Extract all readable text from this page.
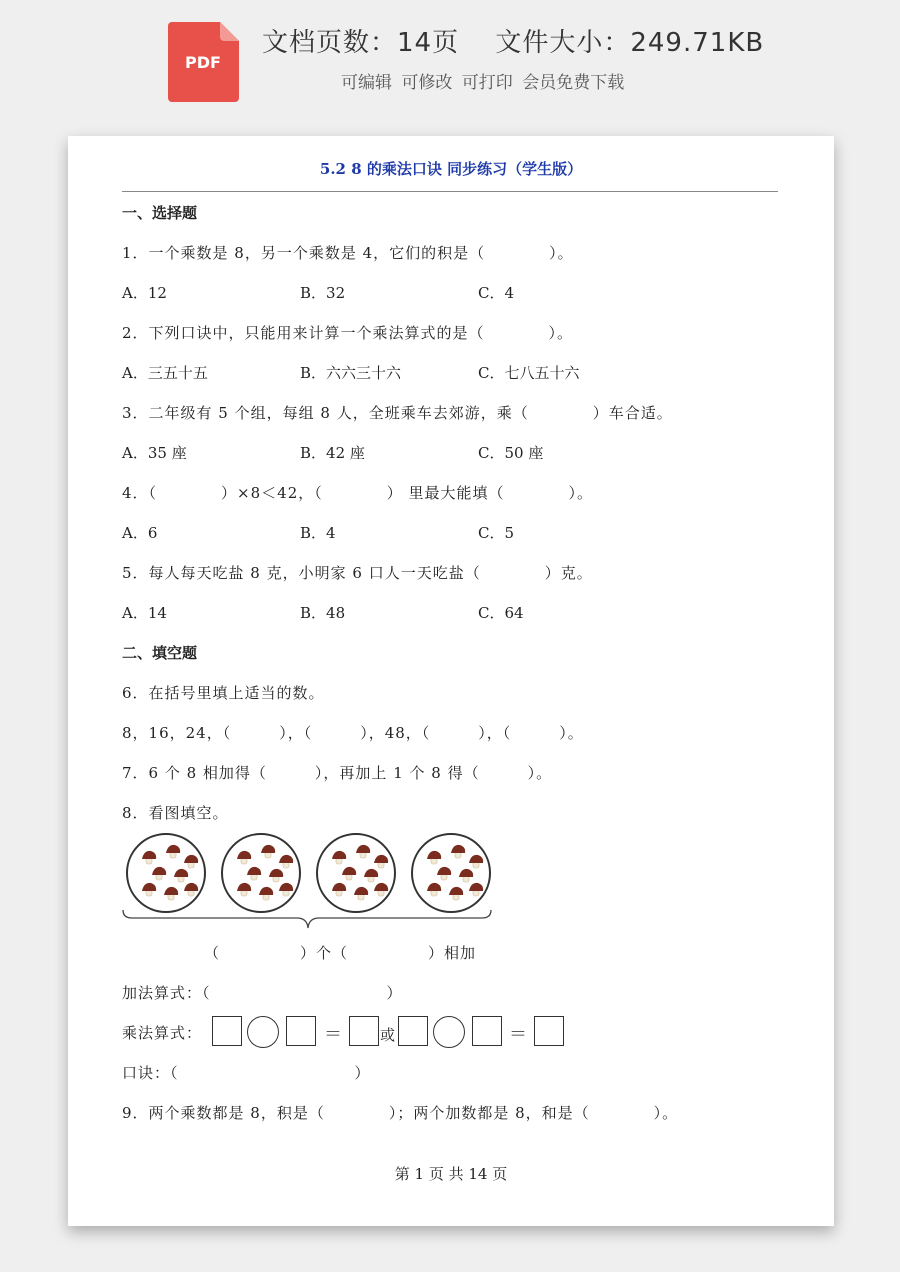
PDF
文档页数：14页　 文件大小：249.71KB
可编辑 可修改 可打印 会员免费下载
5.2 8 的乘法口诀 同步练习（学生版）
一、选择题
1．一个乘数是 8，另一个乘数是 4，它们的积是（　　　　）。
A．12	B．32	C．4
2．下列口诀中，只能用来计算一个乘法算式的是（　　　　）。
A．三五十五	B．六六三十六	C．七八五十六
3．二年级有 5 个组，每组 8 人，全班乘车去郊游，乘（　　　　）车合适。
A．35 座	B．42 座	C．50 座
4．（　　　　）×8＜42，（　　　　） 里最大能填（　　　　）。
A．6	B．4	C．5
5．每人每天吃盐 8 克，小明家 6 口人一天吃盐（　　　　）克。
A．14	B．48	C．64
二、填空题
6．在括号里填上适当的数。
8，16，24，（　　　），（　　　），48，（　　　），（　　　）。
7．6 个 8 相加得（　　　），再加上 1 个 8 得（　　　）。
8．看图填空。
（　　　　　）个（　　　　　）相加
加法算式：（　　　　　　　　　　　）
乘法算式：	＝	或	＝
口诀：（　　　　　　　　　　　）
9．两个乘数都是 8，积是（　　　　）；两个加数都是 8，和是（　　　　）。
第 1 页 共 14 页
